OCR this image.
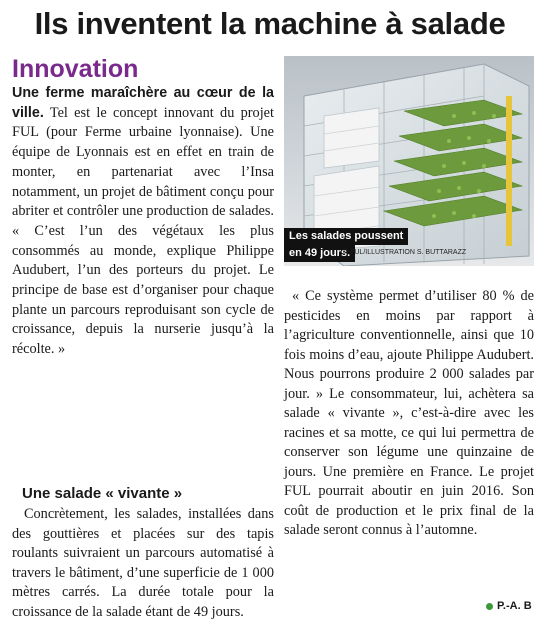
Ils inventent la machine à salade
Innovation

Une ferme maraîchère au cœur de la ville. Tel est le concept innovant du projet FUL (pour Ferme urbaine lyonnaise). Une équipe de Lyonnais est en effet en train de monter, en partenariat avec l’Insa notamment, un projet de bâtiment conçu pour abriter et contrôler une production de salades. « C’est l’un des végétaux les plus consommés au monde, explique Philippe Audubert, l’un des porteurs du projet. Le principe de base est d’organiser pour chaque plante un parcours reproduisant son cycle de croissance, depuis la nurserie jusqu’à la récolte. »

Une salade « vivante »

Concrètement, les salades, installées dans des gouttières et placées sur des tapis roulants suivraient un parcours automatisé à travers le bâtiment, d’une superficie de 1 000 mètres carrés. La durée totale pour la croissance de la salade étant de 49 jours.

Les salades poussent
en 49 jours.
© FUL/ILLUSTRATION S. BUTTARAZZ

« Ce système permet d’utiliser 80 % de pesticides en moins par rapport à l’agriculture conventionnelle, ainsi que 10 fois moins d’eau, ajoute Philippe Audubert. Nous pourrons produire 2 000 salades par jour. » Le consommateur, lui, achètera sa salade « vivante », c’est-à-dire avec les racines et sa motte, ce qui lui permettra de conserver son légume une quinzaine de jours. Une première en France. Le projet FUL pourrait aboutir en juin 2016. Son coût de production et le prix final de la salade seront connus à l’automne.

P.-A. B
